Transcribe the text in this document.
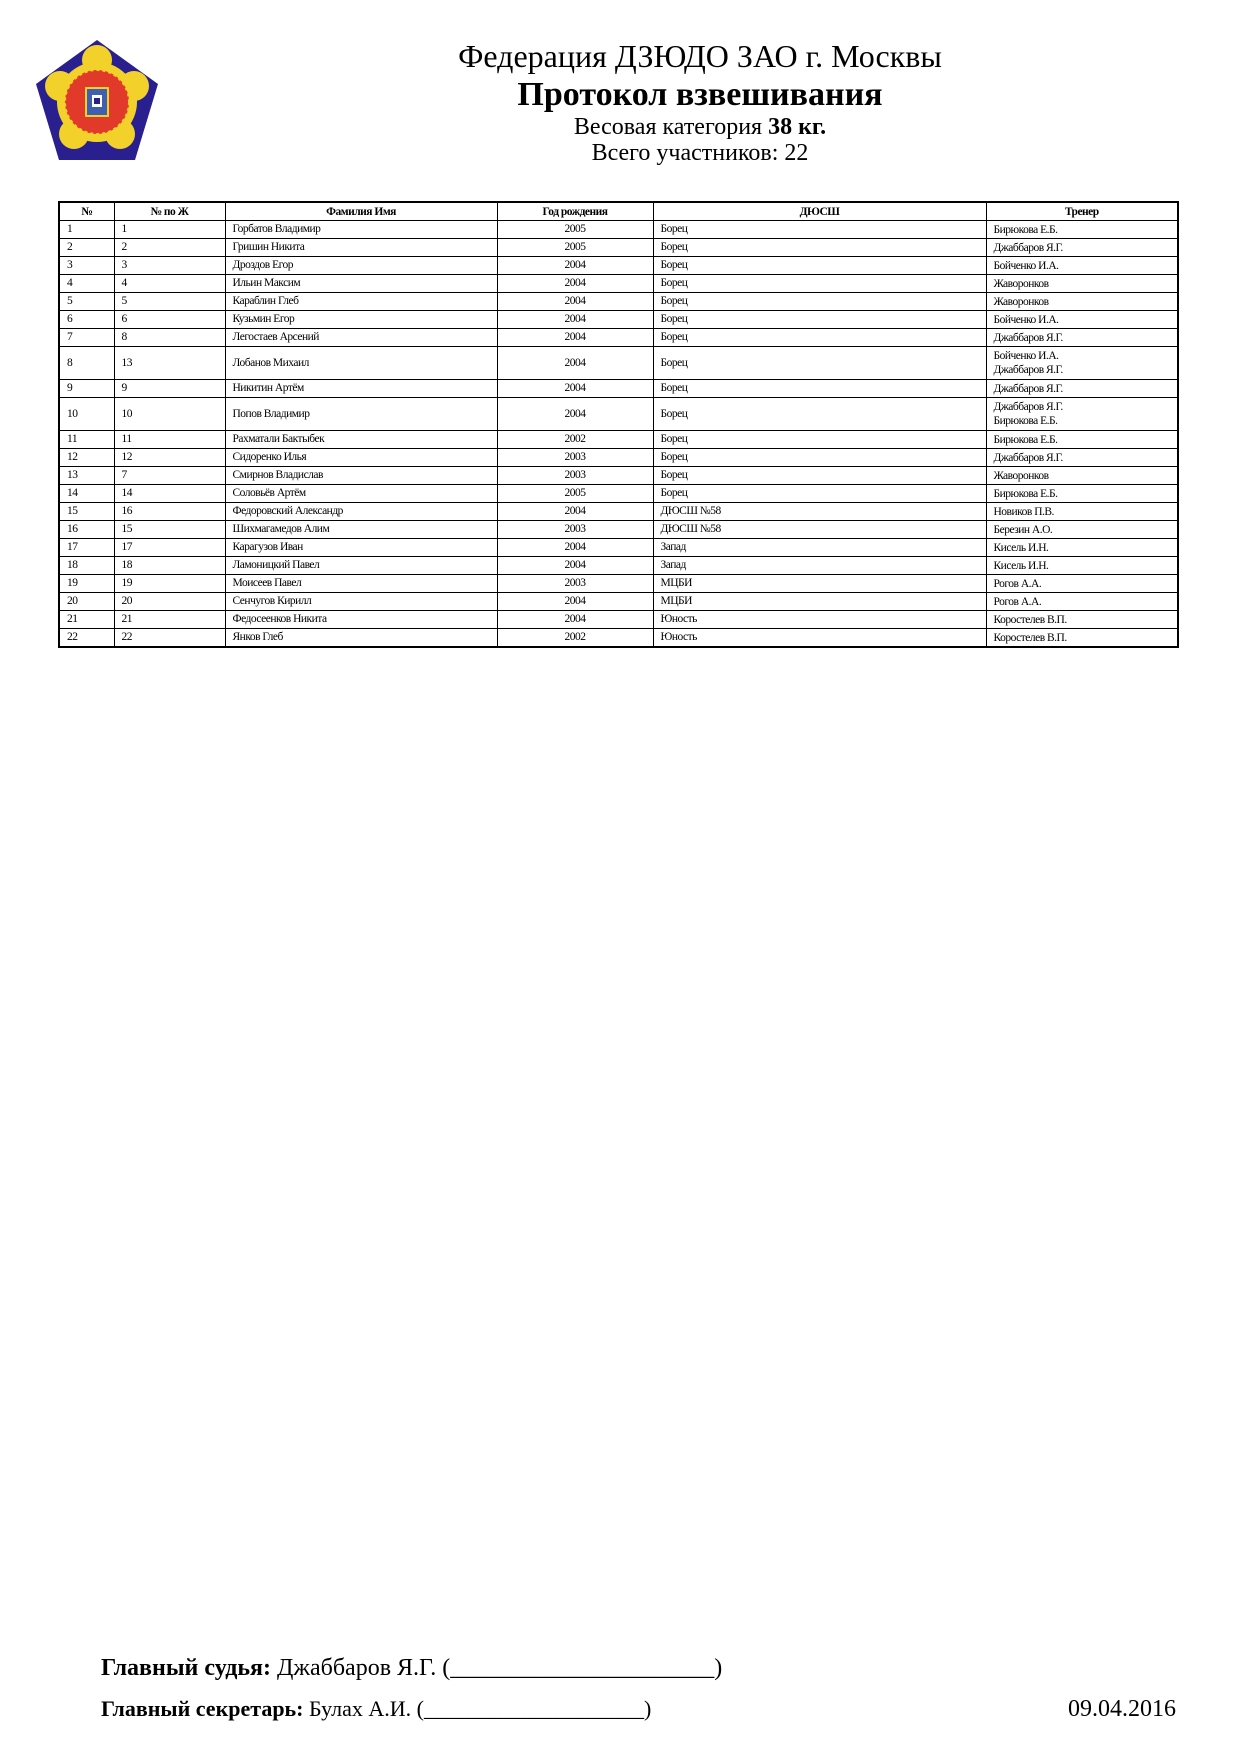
Федерация ДЗЮДО ЗАО г. Москвы
Протокол взвешивания
Весовая категория 38 кг.
Всего участников: 22
№	№ по Ж	Фамилия Имя	Год рождения	ДЮСШ	Тренер
1	1	Горбатов Владимир	2005	Борец	Бирюкова Е.Б.

2	2	Гришин Никита	2005	Борец	Джаббаров Я.Г.

3	3	Дроздов Егор	2004	Борец	Бойченко И.А.

4	4	Ильин Максим	2004	Борец	Жаворонков

5	5	Караблин Глеб	2004	Борец	Жаворонков

6	6	Кузьмин Егор	2004	Борец	Бойченко И.А.

7	8	Легостаев Арсений	2004	Борец	Джаббаров Я.Г.

8	13	Лобанов Михаил	2004	Борец	Бойченко И.А.
Джаббаров Я.Г.

9	9	Никитин Артём	2004	Борец	Джаббаров Я.Г.

10	10	Попов Владимир	2004	Борец	Джаббаров Я.Г.
Бирюкова Е.Б.

11	11	Рахматали Бактыбек	2002	Борец	Бирюкова Е.Б.

12	12	Сидоренко Илья	2003	Борец	Джаббаров Я.Г.

13	7	Смирнов Владислав	2003	Борец	Жаворонков

14	14	Соловьёв Артём	2005	Борец	Бирюкова Е.Б.

15	16	Федоровский Александр	2004	ДЮСШ №58	Новиков П.В.

16	15	Шихмагамедов Алим	2003	ДЮСШ №58	Березин А.О.

17	17	Карагузов Иван	2004	Запад	Кисель И.Н.

18	18	Ламоницкий Павел	2004	Запад	Кисель И.Н.

19	19	Моисеев Павел	2003	МЦБИ	Рогов А.А.

20	20	Сенчугов Кирилл	2004	МЦБИ	Рогов А.А.

21	21	Федосеенков Никита	2004	Юность	Коростелев В.П.

22	22	Янков Глеб	2002	Юность	Коростелев В.П.
Главный судья: Джаббаров Я.Г. (______________________)
Главный секретарь: Булах А.И. (____________________)	09.04.2016
